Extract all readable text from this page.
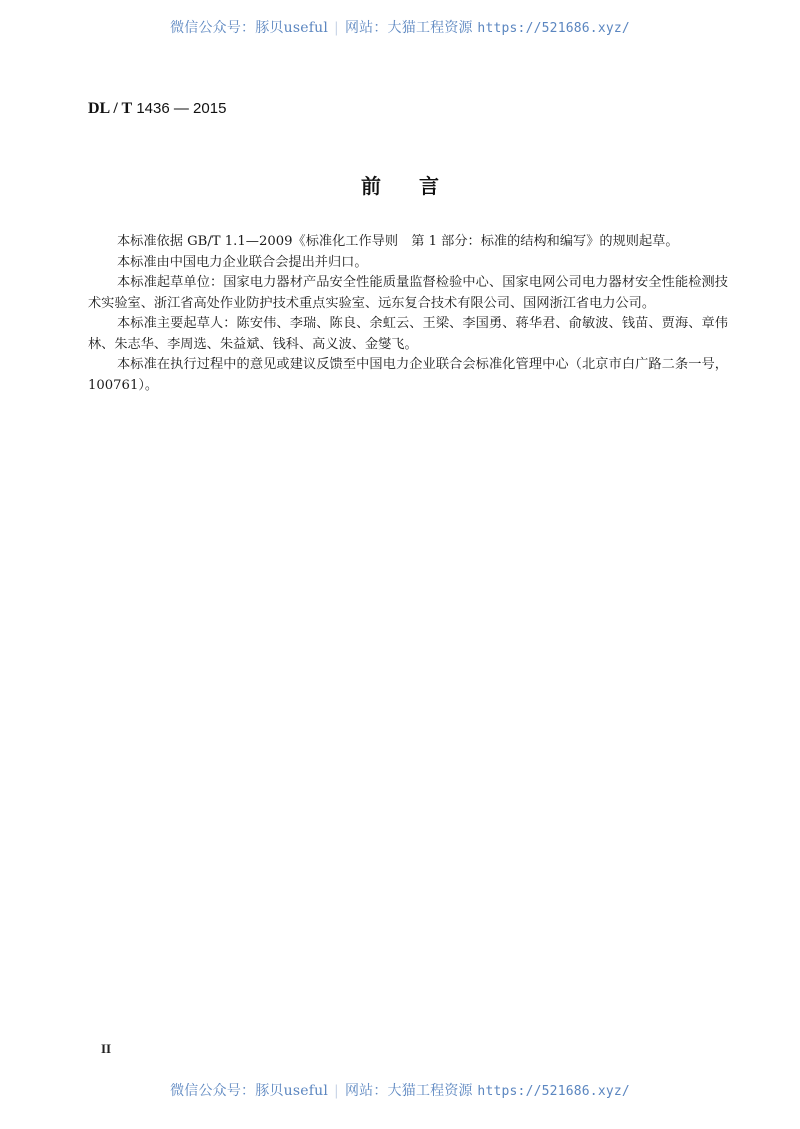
微信公众号：豚贝useful | 网站：大猫工程资源 https://521686.xyz/
DL / T 1436 — 2015
前言

本标准依据 GB/T 1.1—2009《标准化工作导则　第 1 部分：标准的结构和编写》的规则起草。

本标准由中国电力企业联合会提出并归口。

本标准起草单位：国家电力器材产品安全性能质量监督检验中心、国家电网公司电力器材安全性能检测技术实验室、浙江省高处作业防护技术重点实验室、远东复合技术有限公司、国网浙江省电力公司。

本标准主要起草人：陈安伟、李瑞、陈良、余虹云、王梁、李国勇、蒋华君、俞敏波、钱苗、贾海、章伟林、朱志华、李周选、朱益斌、钱科、高义波、金燮飞。

本标准在执行过程中的意见或建议反馈至中国电力企业联合会标准化管理中心（北京市白广路二条一号，100761）。

II
微信公众号：豚贝useful | 网站：大猫工程资源 https://521686.xyz/
